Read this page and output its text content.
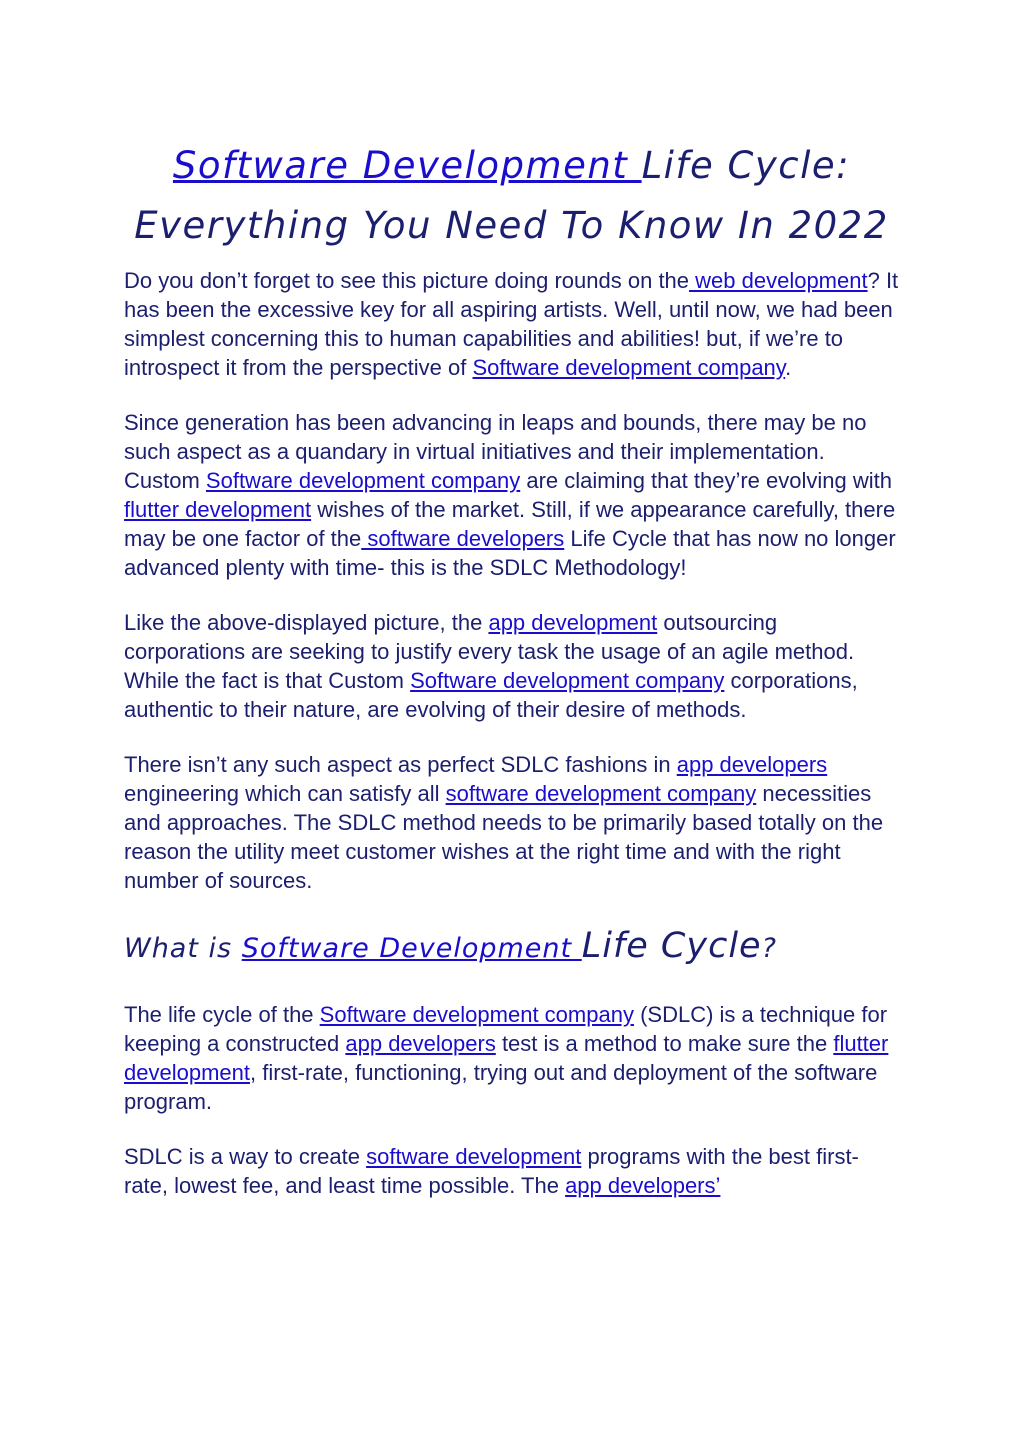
Software Development Life Cycle:
Everything You Need To Know In 2022

Do you don’t forget to see this picture doing rounds on the web development? It has been the excessive key for all aspiring artists. Well, until now, we had been simplest concerning this to human capabilities and abilities! but, if we’re to introspect it from the perspective of Software development company.

Since generation has been advancing in leaps and bounds, there may be no such aspect as a quandary in virtual initiatives and their implementation. Custom Software development company are claiming that they’re evolving with flutter development wishes of the market. Still, if we appearance carefully, there may be one factor of the software developers Life Cycle that has now no longer advanced plenty with time- this is the SDLC Methodology!

Like the above-displayed picture, the app development outsourcing corporations are seeking to justify every task the usage of an agile method. While the fact is that Custom Software development company corporations, authentic to their nature, are evolving of their desire of methods.

There isn’t any such aspect as perfect SDLC fashions in app developers engineering which can satisfy all software development company necessities and approaches. The SDLC method needs to be primarily based totally on the reason the utility meet customer wishes at the right time and with the right number of sources.

What is Software Development Life Cycle?

The life cycle of the Software development company (SDLC) is a technique for keeping a constructed app developers test is a method to make sure the flutter development, first-rate, functioning, trying out and deployment of the software program.

SDLC is a way to create software development programs with the best first-rate, lowest fee, and least time possible. The app developers’
